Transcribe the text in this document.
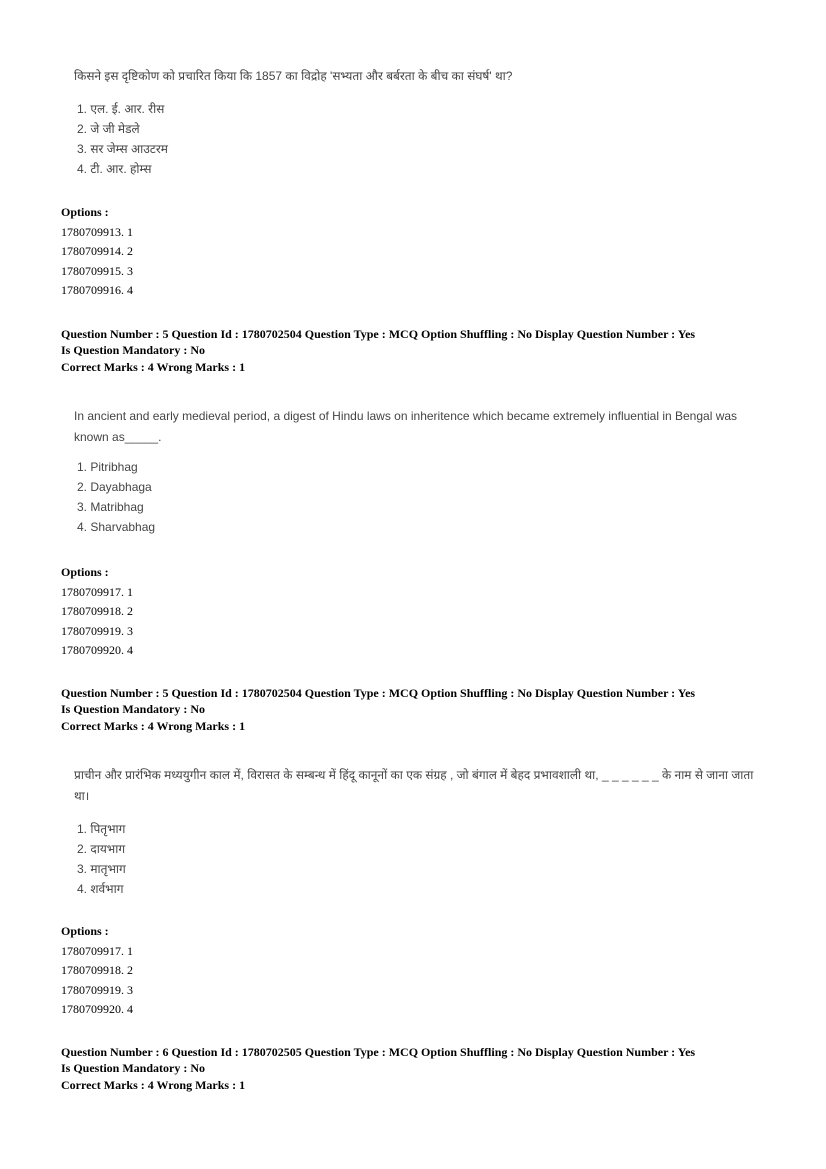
किसने इस दृष्टिकोण को प्रचारित किया कि 1857 का विद्रोह 'सभ्यता और बर्बरता के बीच का संघर्ष' था?
1. एल. ई. आर. रीस
2. जे जी मेडले
3. सर जेम्स आउटरम
4. टी. आर. होम्स
Options :
1780709913. 1
1780709914. 2
1780709915. 3
1780709916. 4
Question Number : 5 Question Id : 1780702504 Question Type : MCQ Option Shuffling : No Display Question Number : Yes
Is Question Mandatory : No
Correct Marks : 4 Wrong Marks : 1
In ancient and early medieval period, a digest of Hindu laws on inheritence which became extremely influential in Bengal was known as_____.
1. Pitribhag
2. Dayabhaga
3. Matribhag
4. Sharvabhag
Options :
1780709917. 1
1780709918. 2
1780709919. 3
1780709920. 4
Question Number : 5 Question Id : 1780702504 Question Type : MCQ Option Shuffling : No Display Question Number : Yes
Is Question Mandatory : No
Correct Marks : 4 Wrong Marks : 1
प्राचीन और प्रारंभिक मध्ययुगीन काल में, विरासत के सम्बन्ध में हिंदू कानूनों का एक संग्रह , जो बंगाल में बेहद प्रभावशाली था, _ _ _ _ _ _ के नाम से जाना जाता था।
1. पितृभाग
2. दायभाग
3. मातृभाग
4. शर्वभाग
Options :
1780709917. 1
1780709918. 2
1780709919. 3
1780709920. 4
Question Number : 6 Question Id : 1780702505 Question Type : MCQ Option Shuffling : No Display Question Number : Yes
Is Question Mandatory : No
Correct Marks : 4 Wrong Marks : 1
